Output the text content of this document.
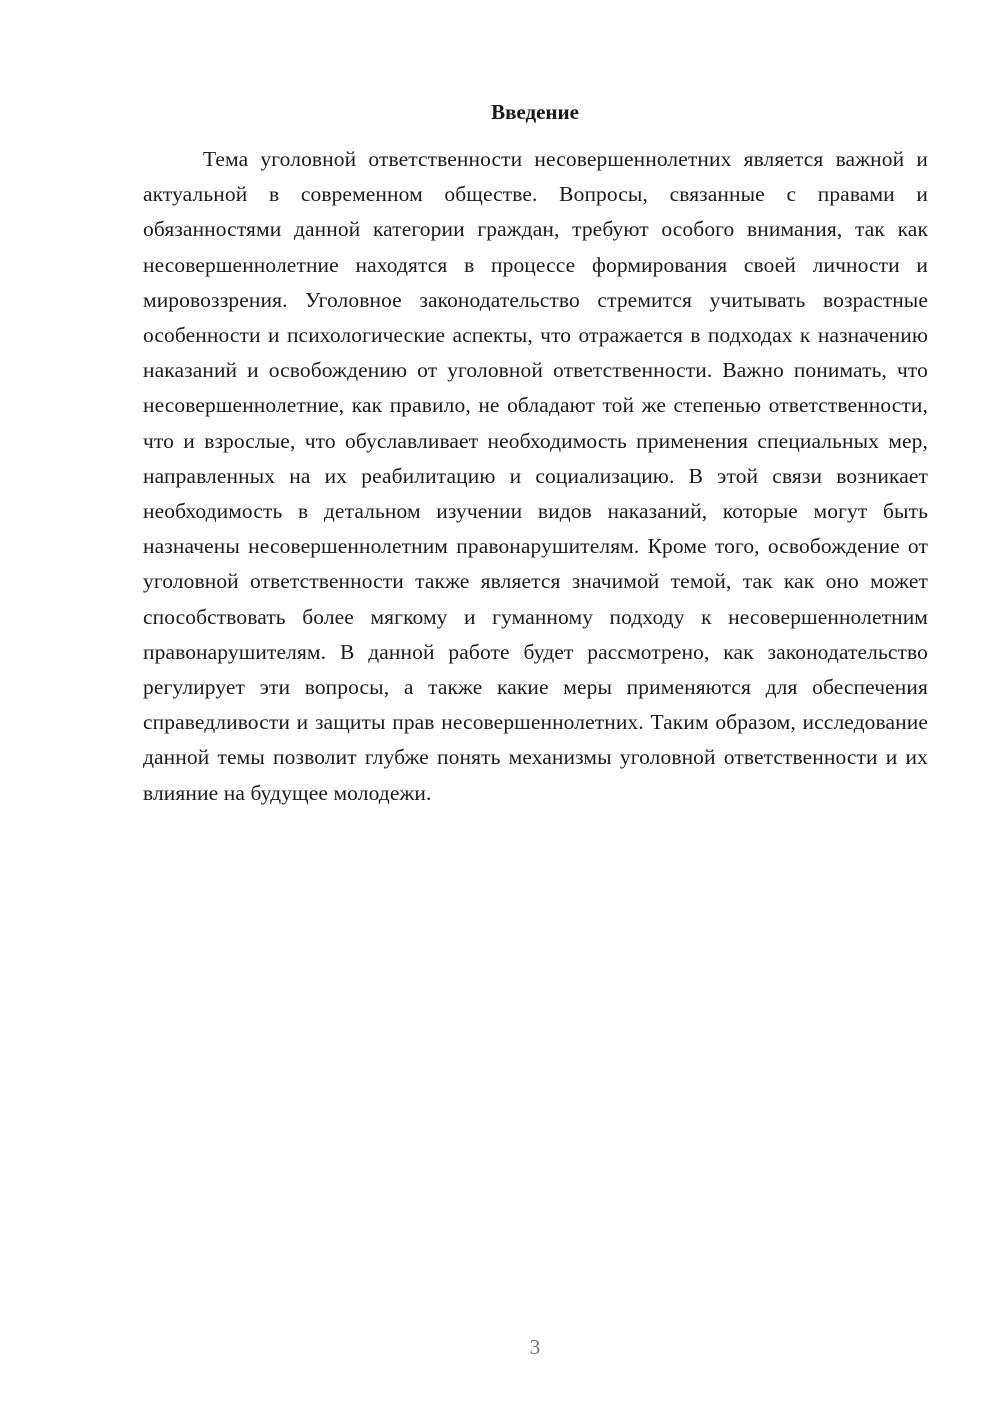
Введение

Тема уголовной ответственности несовершеннолетних является важной и актуальной в современном обществе. Вопросы, связанные с правами и обязанностями данной категории граждан, требуют особого внимания, так как несовершеннолетние находятся в процессе формирования своей личности и мировоззрения. Уголовное законодательство стремится учитывать возрастные особенности и психологические аспекты, что отражается в подходах к назначению наказаний и освобождению от уголовной ответственности. Важно понимать, что несовершеннолетние, как правило, не обладают той же степенью ответственности, что и взрослые, что обуславливает необходимость применения специальных мер, направленных на их реабилитацию и социализацию. В этой связи возникает необходимость в детальном изучении видов наказаний, которые могут быть назначены несовершеннолетним правонарушителям. Кроме того, освобождение от уголовной ответственности также является значимой темой, так как оно может способствовать более мягкому и гуманному подходу к несовершеннолетним правонарушителям. В данной работе будет рассмотрено, как законодательство регулирует эти вопросы, а также какие меры применяются для обеспечения справедливости и защиты прав несовершеннолетних. Таким образом, исследование данной темы позволит глубже понять механизмы уголовной ответственности и их влияние на будущее молодежи.

3
